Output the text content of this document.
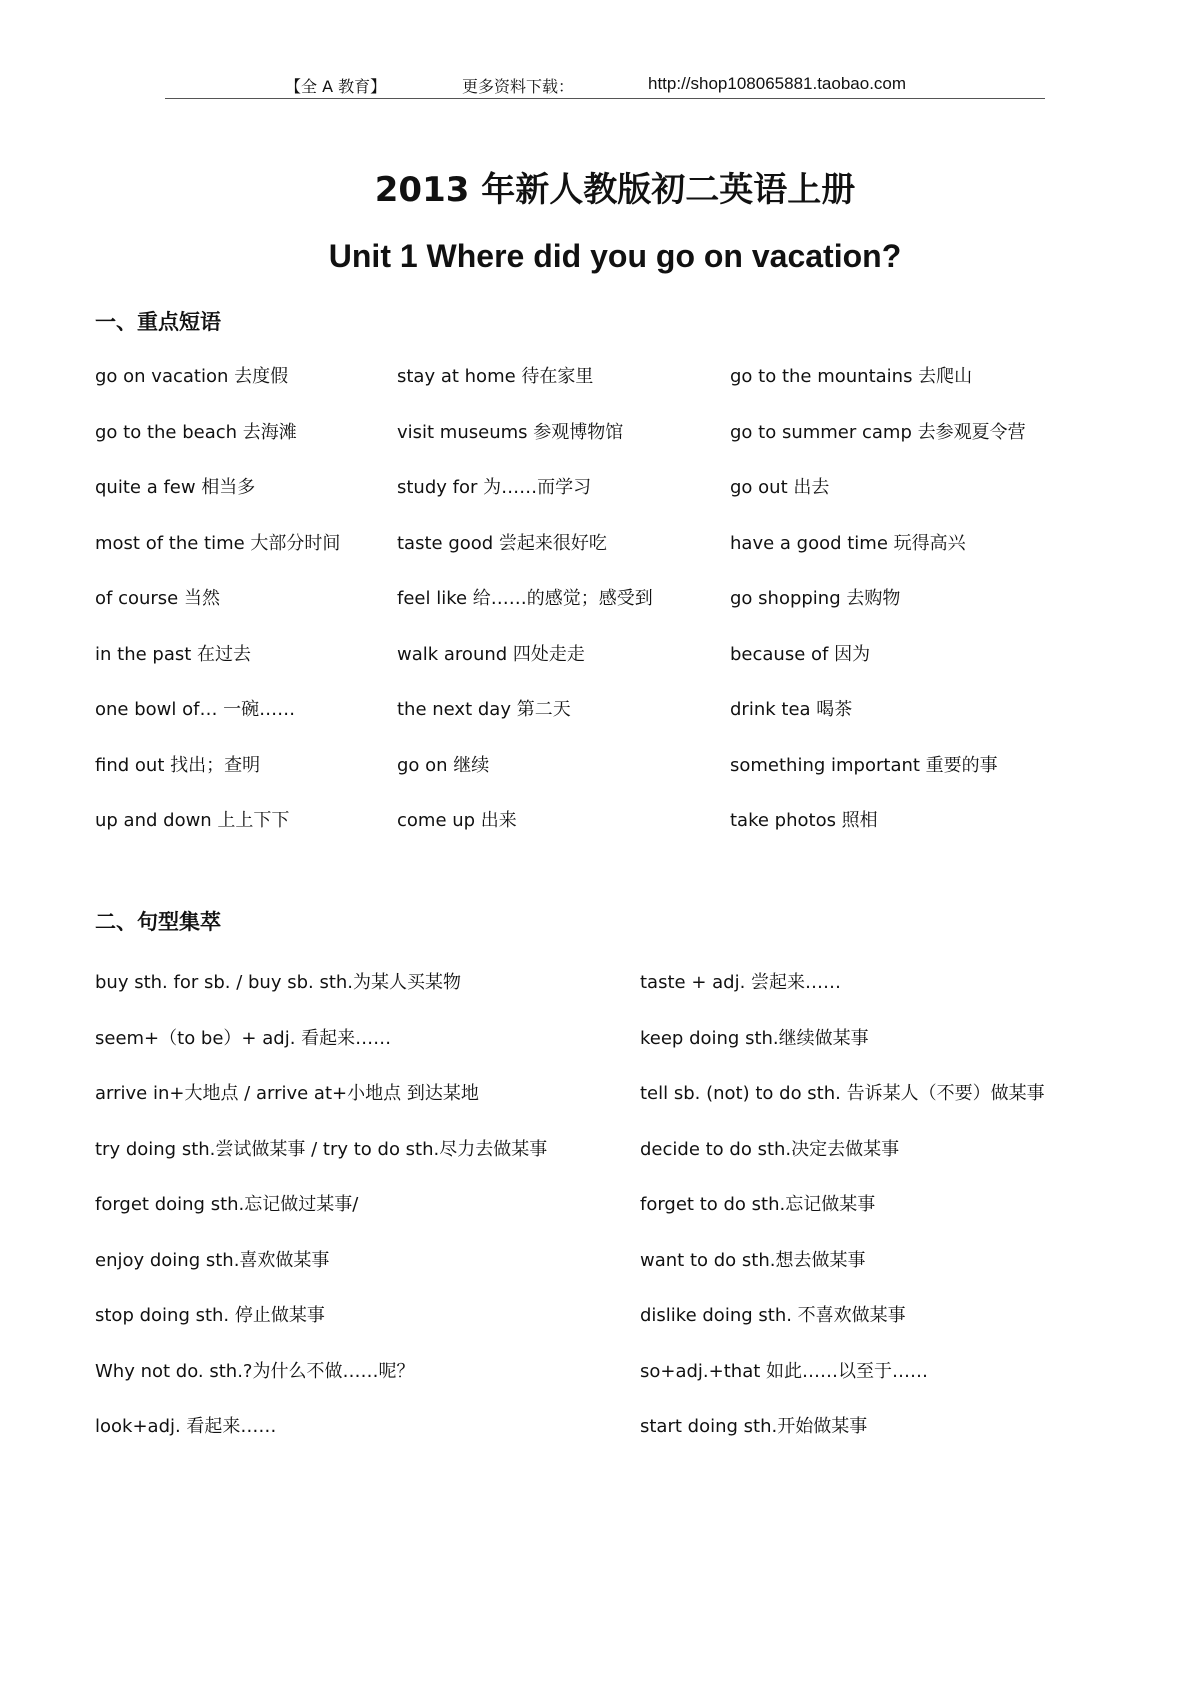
【全 A 教育】	更多资料下载：	http://shop108065881.taobao.com
2013 年新人教版初二英语上册
Unit 1 Where did you go on vacation?
一、重点短语
go on vacation 去度假	stay at home 待在家里	go to the mountains 去爬山
go to the beach 去海滩	visit museums 参观博物馆	go to summer camp 去参观夏令营
quite a few 相当多	study for 为……而学习	go out 出去
most of the time 大部分时间	taste good 尝起来很好吃	have a good time 玩得高兴
of course 当然	feel like 给……的感觉；感受到	go shopping 去购物
in the past 在过去	walk around 四处走走	because of 因为
one bowl of… 一碗……	the next day 第二天	drink tea 喝茶
find out 找出；查明	go on 继续	something important 重要的事
up and down 上上下下	come up 出来	take photos 照相
二、句型集萃
buy sth. for sb. / buy sb. sth.为某人买某物	taste + adj. 尝起来……
seem+（to be）+ adj. 看起来……	keep doing sth.继续做某事
arrive in+大地点 / arrive at+小地点 到达某地	tell sb. (not) to do sth. 告诉某人（不要）做某事
try doing sth.尝试做某事 / try to do sth.尽力去做某事	decide to do sth.决定去做某事
forget doing sth.忘记做过某事/	forget to do sth.忘记做某事
enjoy doing sth.喜欢做某事	want to do sth.想去做某事
stop doing sth. 停止做某事	dislike doing sth. 不喜欢做某事
Why not do. sth.?为什么不做……呢？	so+adj.+that 如此……以至于……
look+adj. 看起来……	start doing sth.开始做某事
